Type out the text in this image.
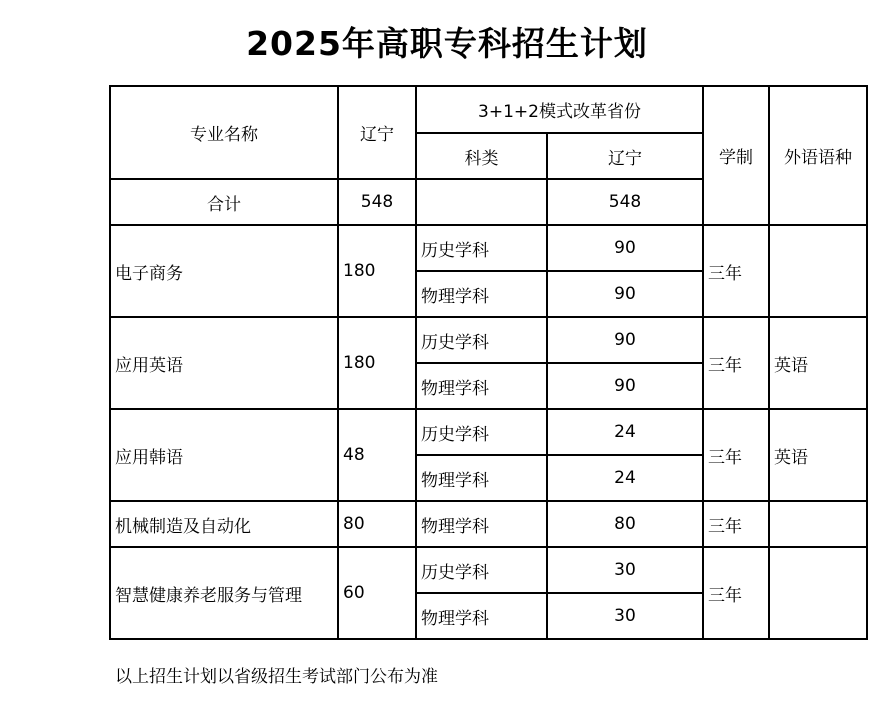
2025年高职专科招生计划
专业名称	辽宁	3+1+2模式改革省份		学制	外语语种
		科类	辽宁		
合计	548		548		
电子商务	180	历史学科	90	三年	
		物理学科	90		
应用英语	180	历史学科	90	三年	英语
		物理学科	90		
应用韩语	48	历史学科	24	三年	英语
		物理学科	24		
机械制造及自动化	80	物理学科	80	三年	
智慧健康养老服务与管理	60	历史学科	30	三年	
		物理学科	30		
以上招生计划以省级招生考试部门公布为准
